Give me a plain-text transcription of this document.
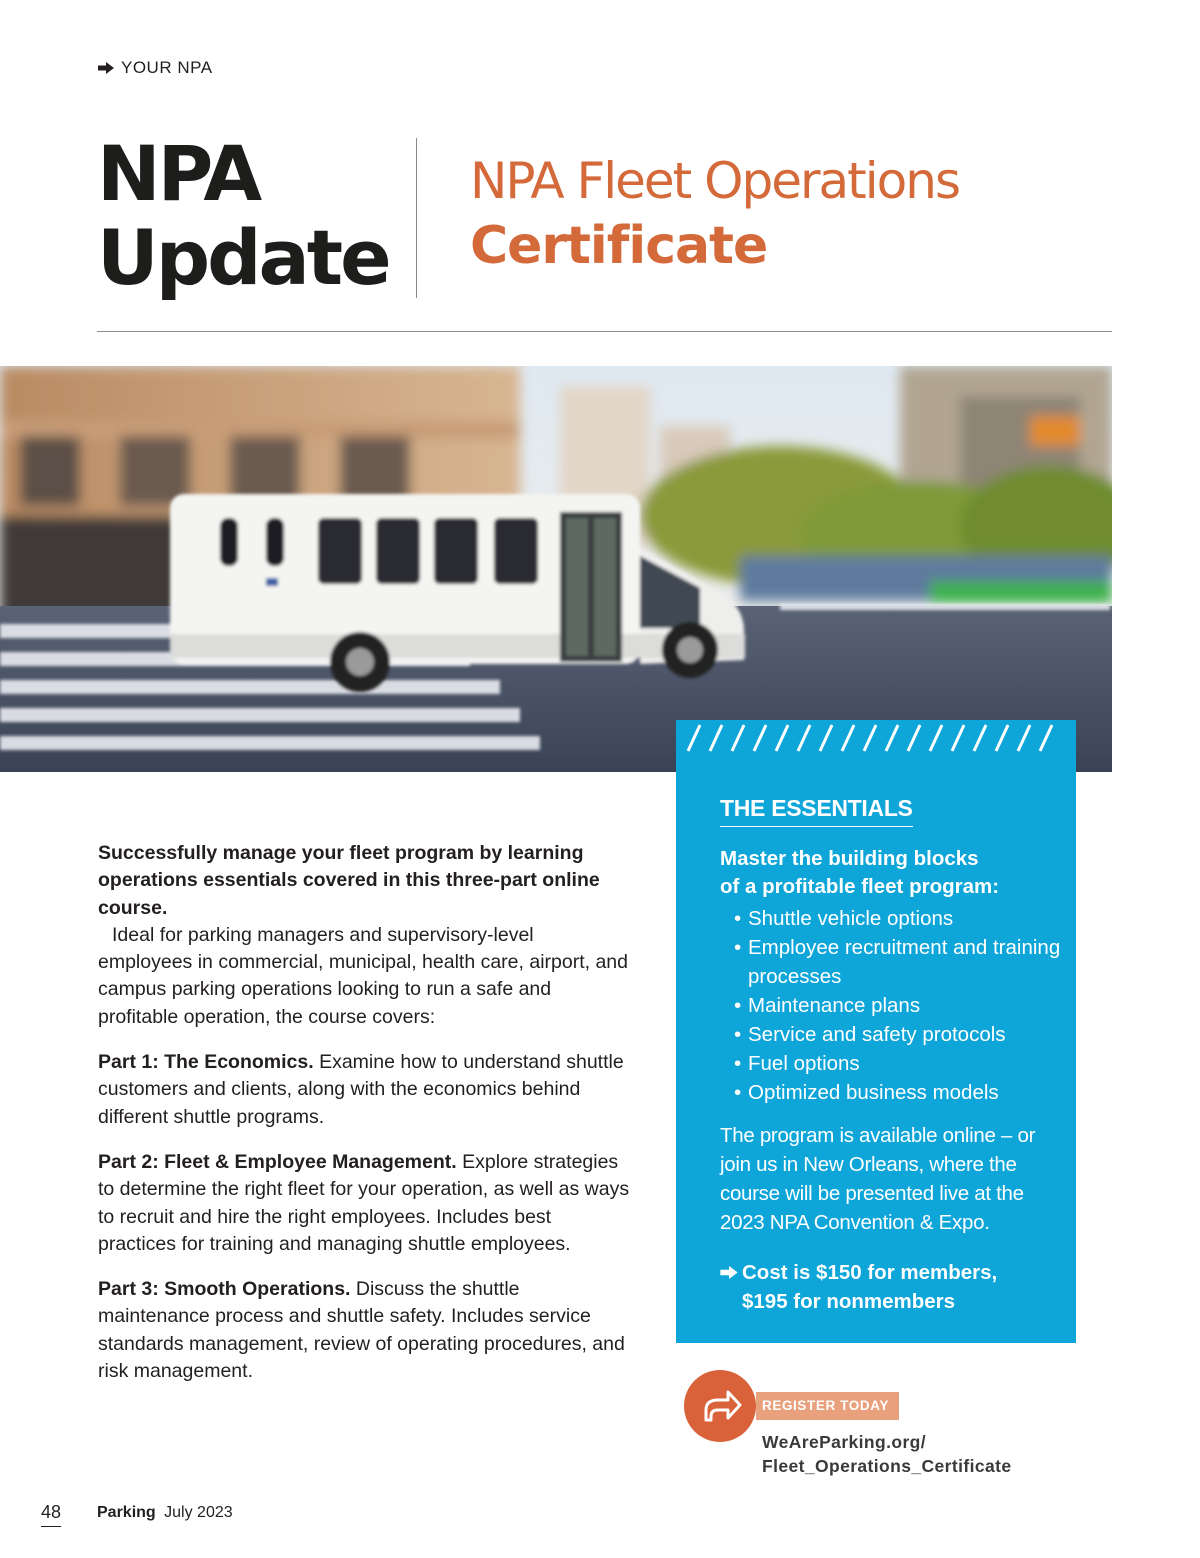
YOUR NPA
NPA
Update
NPA Fleet Operations
Certificate

Successfully manage your fleet program by learning operations essentials covered in this three-part online course.

Ideal for parking managers and supervisory-level employees in commercial, municipal, health care, airport, and campus parking operations looking to run a safe and profitable operation, the course covers:

Part 1: The Economics. Examine how to understand shuttle customers and clients, along with the economics behind different shuttle programs.

Part 2: Fleet & Employee Management. Explore strategies to determine the right fleet for your operation, as well as ways to recruit and hire the right employees. Includes best practices for training and managing shuttle employees.

Part 3: Smooth Operations. Discuss the shuttle maintenance process and shuttle safety. Includes service standards management, review of operating procedures, and risk management.

THE ESSENTIALS
Master the building blocks
of a profitable fleet program:
• Shuttle vehicle options
• Employee recruitment and training processes
• Maintenance plans
• Service and safety protocols
• Fuel options
• Optimized business models

The program is available online – or join us in New Orleans, where the course will be presented live at the 2023 NPA Convention & Expo.

Cost is $150 for members,
$195 for nonmembers
REGISTER TODAY
WeAreParking.org/
Fleet_Operations_Certificate
48 Parking July 2023
